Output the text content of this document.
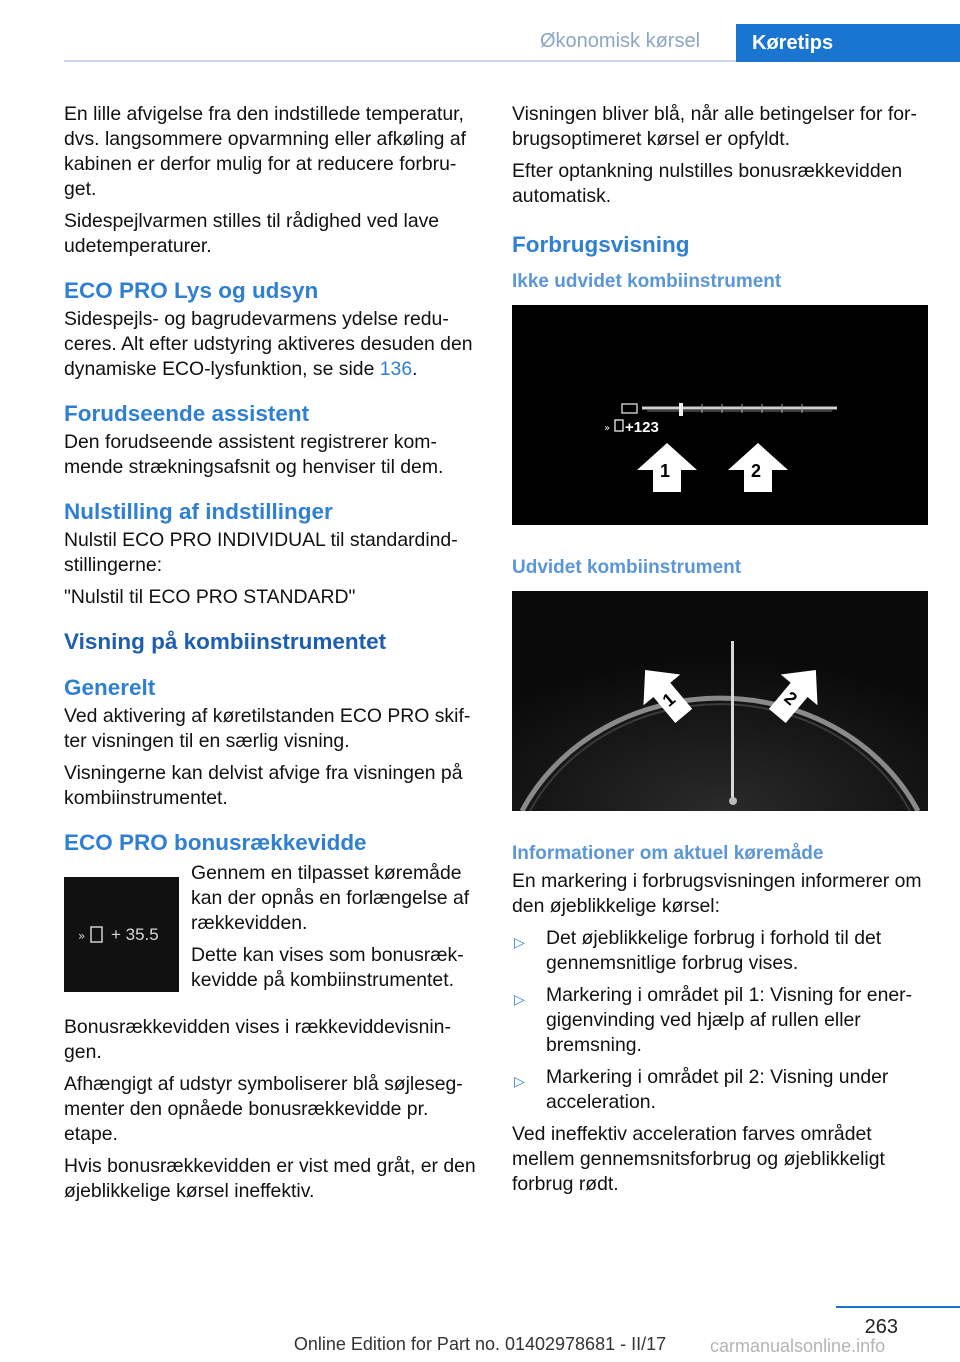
Økonomisk kørsel	Køretips

En lille afvigelse fra den indstillede temperatur, dvs. langsommere opvarmning eller afkøling af kabinen er derfor mulig for at reducere forbru-get.

Sidespejlvarmen stilles til rådighed ved lave udetemperaturer.

ECO PRO Lys og udsyn

Sidespejls- og bagrudevarmens ydelse redu-ceres. Alt efter udstyring aktiveres desuden den dynamiske ECO-lysfunktion, se side 136.

Forudseende assistent

Den forudseende assistent registrerer kom-mende strækningsafsnit og henviser til dem.

Nulstilling af indstillinger

Nulstil ECO PRO INDIVIDUAL til standardind-stillingerne:

"Nulstil til ECO PRO STANDARD"

Visning på kombiinstrumentet
Generelt

Ved aktivering af køretilstanden ECO PRO skif-ter visningen til en særlig visning.

Visningerne kan delvist afvige fra visningen på kombiinstrumentet.

ECO PRO bonusrækkevidde
» + 35.5

Gennem en tilpasset køremåde kan der opnås en forlængelse af rækkevidden.

Dette kan vises som bonusræk-kevidde på kombiinstrumentet.

Bonusrækkevidden vises i rækkeviddevisnin-gen.

Afhængigt af udstyr symboliserer blå søjleseg-menter den opnåede bonusrækkevidde pr. etape.

Hvis bonusrækkevidden er vist med gråt, er den øjeblikkelige kørsel ineffektiv.

Visningen bliver blå, når alle betingelser for for-brugsoptimeret kørsel er opfyldt.

Efter optankning nulstilles bonusrækkevidden automatisk.

Forbrugsvisning
Ikke udvidet kombiinstrument
» +123
1	2
Udvidet kombiinstrument
1	2
Informationer om aktuel køremåde

En markering i forbrugsvisningen informerer om den øjeblikkelige kørsel:

▷ Det øjeblikkelige forbrug i forhold til det gennemsnitlige forbrug vises.
▷ Markering i området pil 1: Visning for ener-gigenvinding ved hjælp af rullen eller bremsning.
▷ Markering i området pil 2: Visning under acceleration.

Ved ineffektiv acceleration farves området mellem gennemsnitsforbrug og øjeblikkeligt forbrug rødt.

263
Online Edition for Part no. 01402978681 - II/17	carmanualsonline.info
